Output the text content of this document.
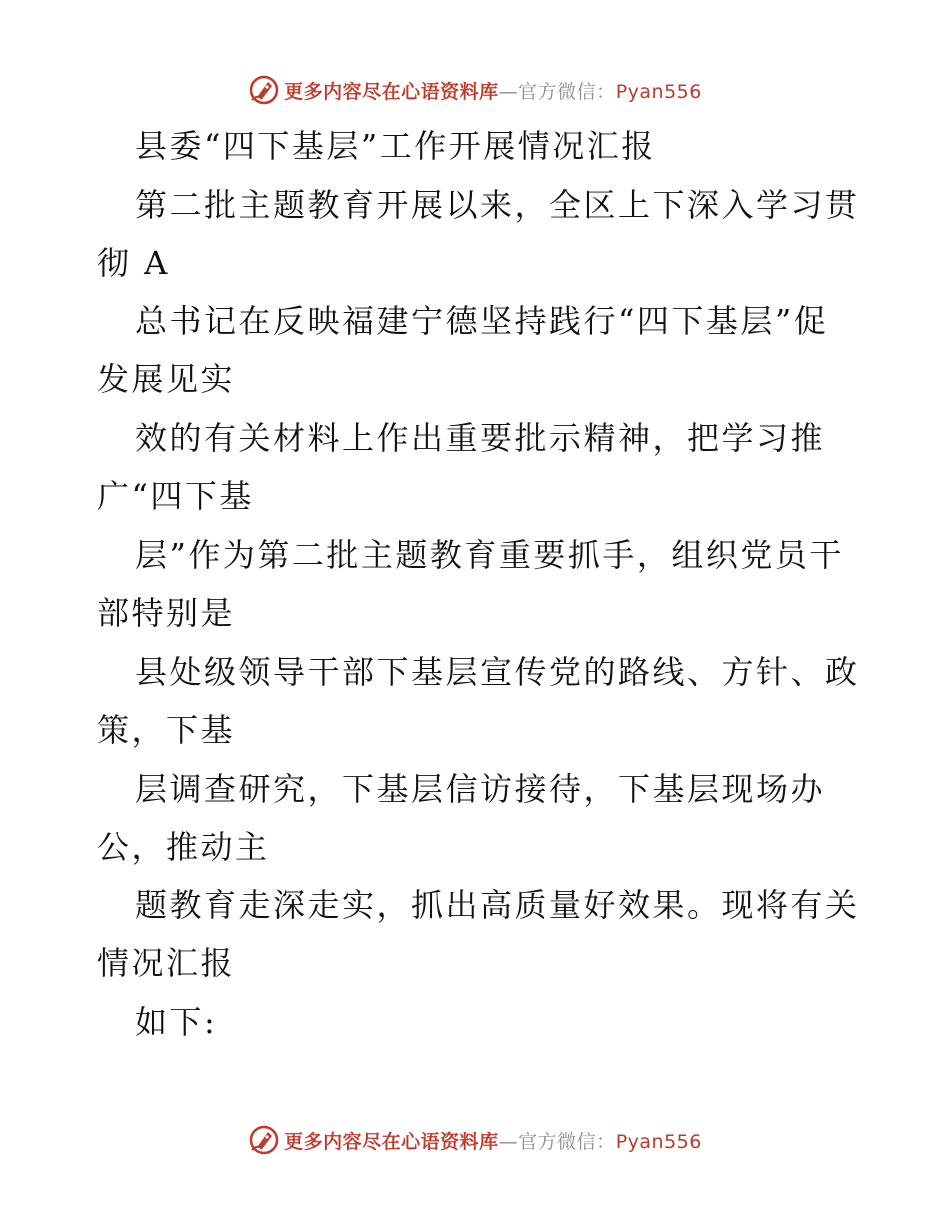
更多内容尽在心语资料库—官方微信：Pyan556
县委“四下基层”工作开展情况汇报
第二批主题教育开展以来，全区上下深入学习贯
彻 A
总书记在反映福建宁德坚持践行“四下基层”促
发展见实
效的有关材料上作出重要批示精神，把学习推
广“四下基
层”作为第二批主题教育重要抓手，组织党员干
部特别是
县处级领导干部下基层宣传党的路线、方针、政
策，下基
层调查研究，下基层信访接待，下基层现场办
公，推动主
题教育走深走实，抓出高质量好效果。现将有关
情况汇报
如下:
更多内容尽在心语资料库—官方微信：Pyan556
